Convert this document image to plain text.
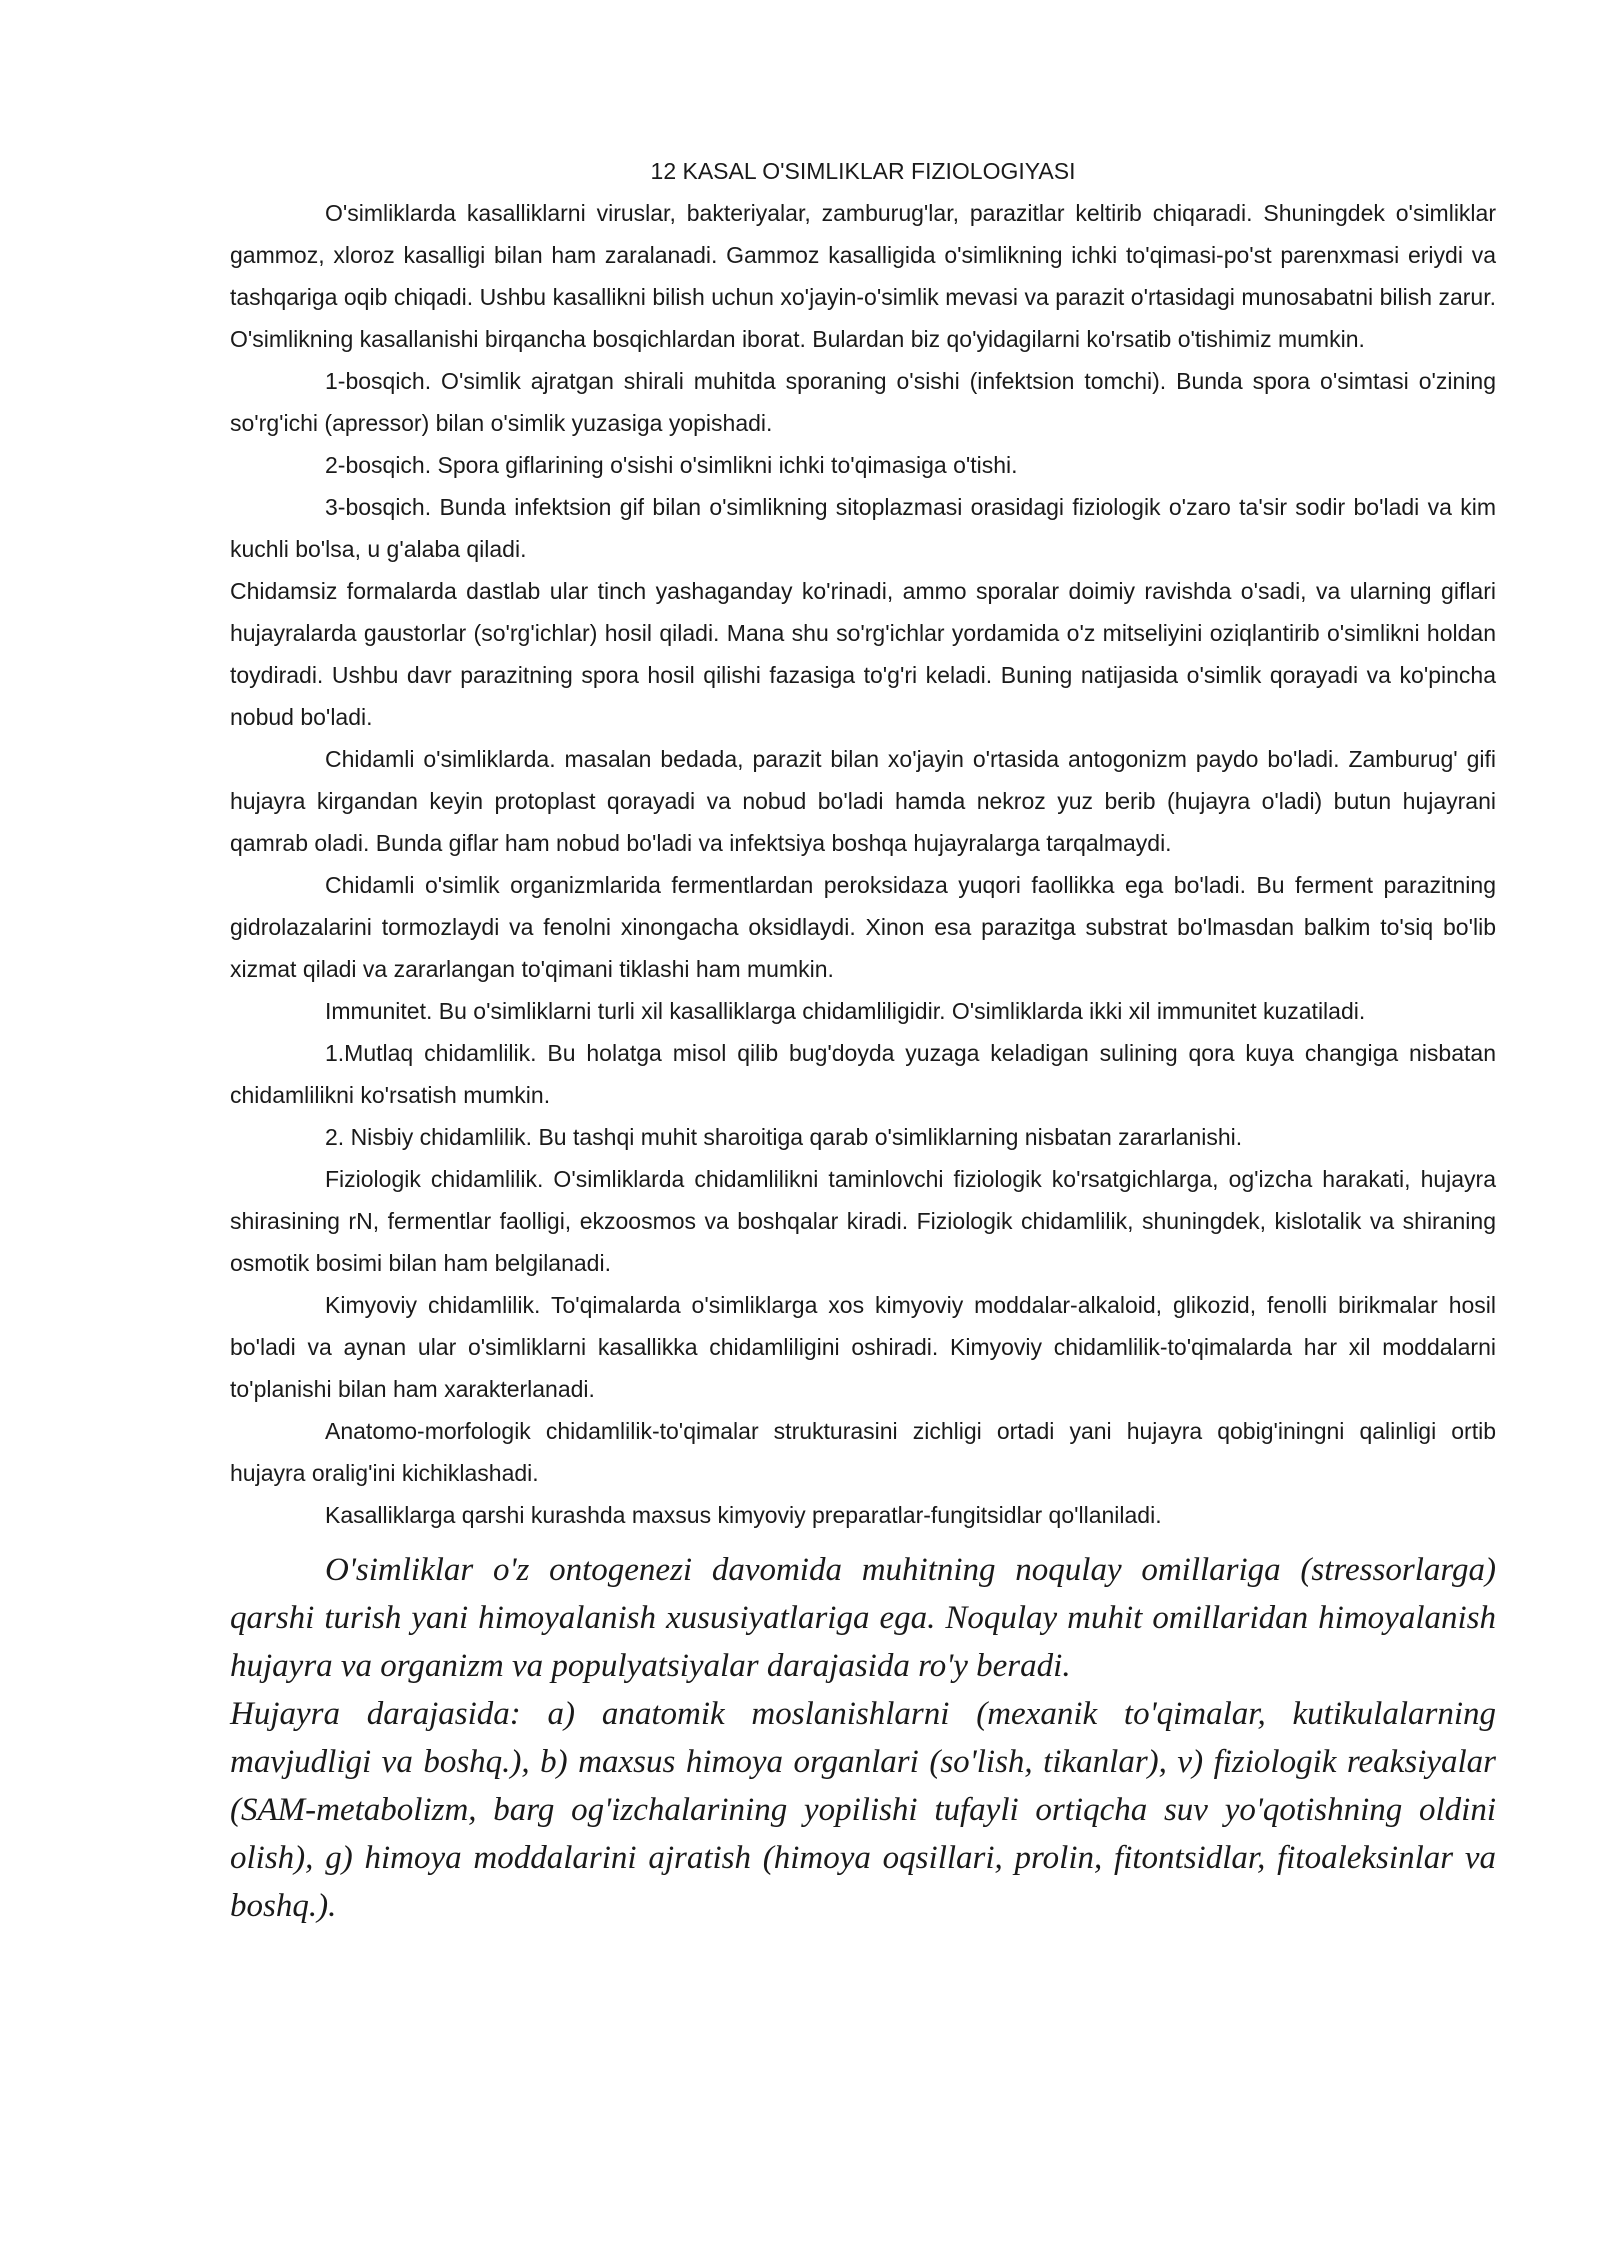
12 KASAL O'SIMLIKLAR FIZIOLOGIYASI

O'simliklarda kasalliklarni viruslar, bakteriyalar, zamburug'lar, parazitlar keltirib chiqaradi. Shuningdek o'simliklar gammoz, xloroz kasalligi bilan ham zaralanadi. Gammoz kasalligida o'simlikning ichki to'qimasi-po'st parenxmasi eriydi va tashqariga oqib chiqadi. Ushbu kasallikni bilish uchun xo'jayin-o'simlik mevasi va parazit o'rtasidagi munosabatni bilish zarur. O'simlikning kasallanishi birqancha bosqichlardan iborat. Bulardan biz qo'yidagilarni ko'rsatib o'tishimiz mumkin.

1-bosqich. O'simlik ajratgan shirali muhitda sporaning o'sishi (infektsion tomchi). Bunda spora o'simtasi o'zining so'rg'ichi (apressor) bilan o'simlik yuzasiga yopishadi.

2-bosqich. Spora giflarining o'sishi o'simlikni ichki to'qimasiga o'tishi.

3-bosqich. Bunda infektsion gif bilan o'simlikning sitoplazmasi orasidagi fiziologik o'zaro ta'sir sodir bo'ladi va kim kuchli bo'lsa, u g'alaba qiladi.

Chidamsiz formalarda dastlab ular tinch yashaganday ko'rinadi, ammo sporalar doimiy ravishda o'sadi, va ularning giflari hujayralarda gaustorlar (so'rg'ichlar) hosil qiladi. Mana shu so'rg'ichlar yordamida o'z mitseliyini oziqlantirib o'simlikni holdan toydiradi. Ushbu davr parazitning spora hosil qilishi fazasiga to'g'ri keladi. Buning natijasida o'simlik qorayadi va ko'pincha nobud bo'ladi.

Chidamli o'simliklarda. masalan bedada, parazit bilan xo'jayin o'rtasida antogonizm paydo bo'ladi. Zamburug' gifi hujayra kirgandan keyin protoplast qorayadi va nobud bo'ladi hamda nekroz yuz berib (hujayra o'ladi) butun hujayrani qamrab oladi. Bunda giflar ham nobud bo'ladi va infektsiya boshqa hujayralarga tarqalmaydi.

Chidamli o'simlik organizmlarida fermentlardan peroksidaza yuqori faollikka ega bo'ladi. Bu ferment parazitning gidrolazalarini tormozlaydi va fenolni xinongacha oksidlaydi. Xinon esa parazitga substrat bo'lmasdan balkim to'siq bo'lib xizmat qiladi va zararlangan to'qimani tiklashi ham mumkin.

Immunitet. Bu o'simliklarni turli xil kasalliklarga chidamliligidir. O'simliklarda ikki xil immunitet kuzatiladi.

1.Mutlaq chidamlilik. Bu holatga misol qilib bug'doyda yuzaga keladigan sulining qora kuya changiga nisbatan chidamlilikni ko'rsatish mumkin.

2. Nisbiy chidamlilik. Bu tashqi muhit sharoitiga qarab o'simliklarning nisbatan zararlanishi.

Fiziologik chidamlilik. O'simliklarda chidamlilikni taminlovchi fiziologik ko'rsatgichlarga, og'izcha harakati, hujayra shirasining rN, fermentlar faolligi, ekzoosmos va boshqalar kiradi. Fiziologik chidamlilik, shuningdek, kislotalik va shiraning osmotik bosimi bilan ham belgilanadi.

Kimyoviy chidamlilik. To'qimalarda o'simliklarga xos kimyoviy moddalar-alkaloid, glikozid, fenolli birikmalar hosil bo'ladi va aynan ular o'simliklarni kasallikka chidamliligini oshiradi. Kimyoviy chidamlilik-to'qimalarda har xil moddalarni to'planishi bilan ham xarakterlanadi.

Anatomo-morfologik chidamlilik-to'qimalar strukturasini zichligi ortadi yani hujayra qobig'iningni qalinligi ortib hujayra oralig'ini kichiklashadi.

Kasalliklarga qarshi kurashda maxsus kimyoviy preparatlar-fungitsidlar qo'llaniladi.

O'simliklar o'z ontogenezi davomida muhitning noqulay omillariga (stressorlarga) qarshi turish yani himoyalanish xususiyatlariga ega. Noqulay muhit omillaridan himoyalanish hujayra va organizm va populyatsiyalar darajasida ro'y beradi.

Hujayra darajasida: a) anatomik moslanishlarni (mexanik to'qimalar, kutikulalarning mavjudligi va boshq.), b) maxsus himoya organlari (so'lish, tikanlar), v) fiziologik reaksiyalar (SAM-metabolizm, barg og'izchalarining yopilishi tufayli ortiqcha suv yo'qotishning oldini olish), g) himoya moddalarini ajratish (himoya oqsillari, prolin, fitontsidlar, fitoaleksinlar va boshq.).
